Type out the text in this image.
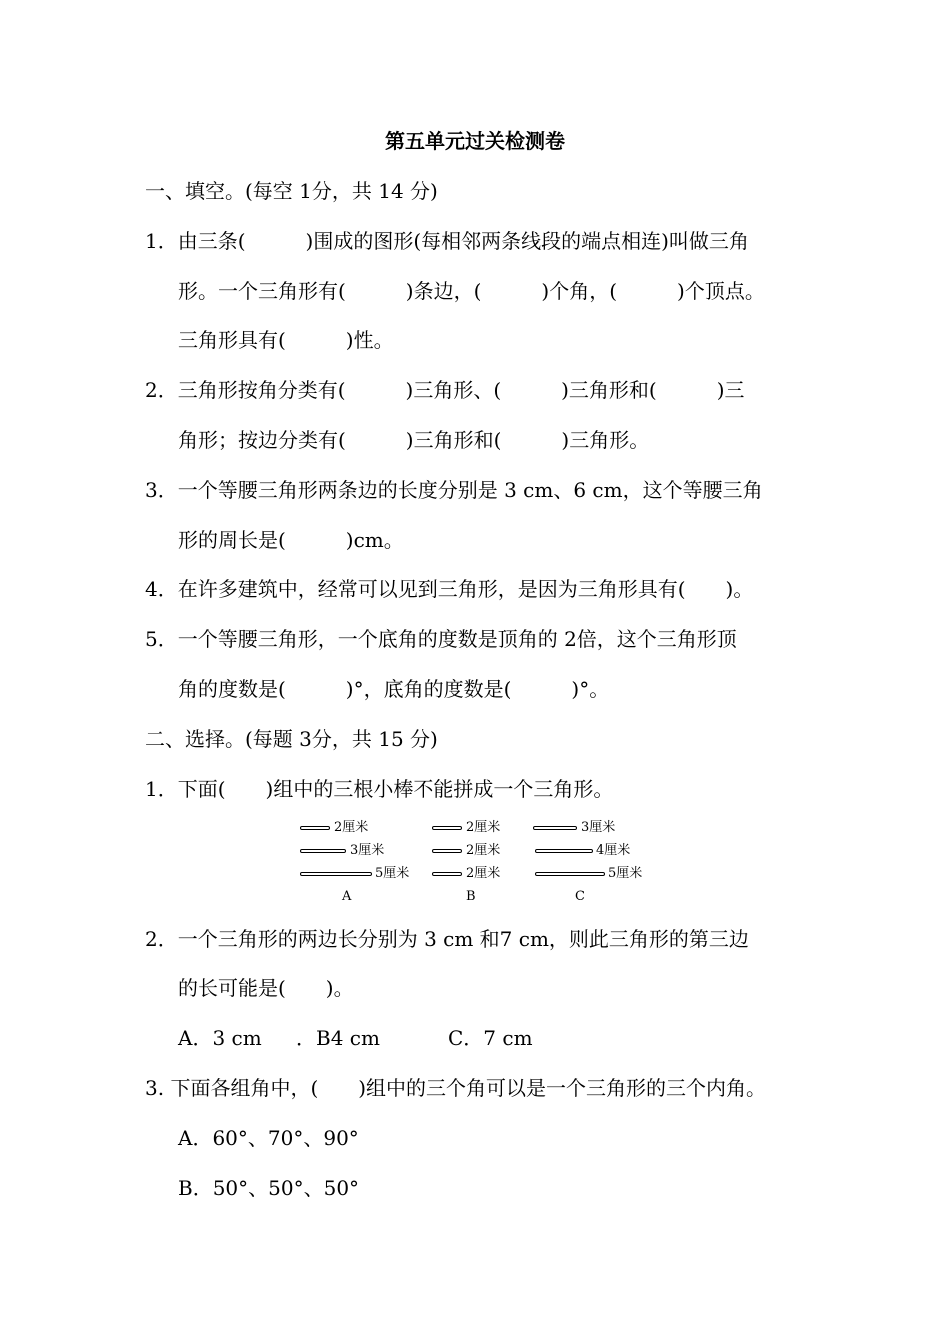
第五单元过关检测卷
一、填空。(每空 1分，共 14 分)
1．由三条(　　　)围成的图形(每相邻两条线段的端点相连)叫做三角
形。一个三角形有(　　　)条边，(　　　)个角，(　　　)个顶点。
三角形具有(　　　)性。
2．三角形按角分类有(　　　)三角形、(　　　)三角形和(　　　)三
角形；按边分类有(　　　)三角形和(　　　)三角形。
3．一个等腰三角形两条边的长度分别是 3 cm、6 cm，这个等腰三角
形的周长是(　　　)cm。
4．在许多建筑中，经常可以见到三角形，是因为三角形具有(　　)。
5．一个等腰三角形，一个底角的度数是顶角的 2倍，这个三角形顶
角的度数是(　　　)°，底角的度数是(　　　)°。
二、选择。(每题 3分，共 15 分)
1．下面(　　)组中的三根小棒不能拼成一个三角形。
2厘米
3厘米
5厘米
A
2厘米
2厘米
2厘米
B
3厘米
4厘米
5厘米
C
2．一个三角形的两边长分别为 3 cm 和7 cm，则此三角形的第三边
的长可能是(　　)。
A．3 cm ．B4 cm	C．7 cm
3. 下面各组角中，(　　)组中的三个角可以是一个三角形的三个内角。
A．60°、70°、90°
B．50°、50°、50°
